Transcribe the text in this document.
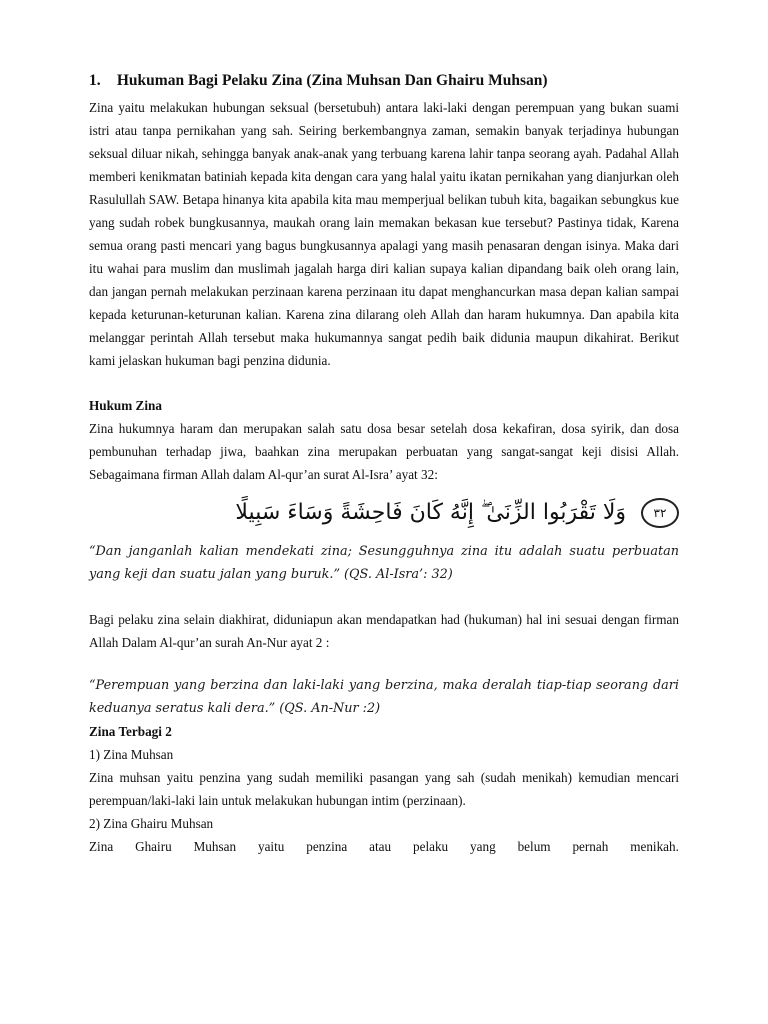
1. Hukuman Bagi Pelaku Zina (Zina Muhsan Dan Ghairu Muhsan)

Zina yaitu melakukan hubungan seksual (bersetubuh) antara laki-laki dengan perempuan yang bukan suami istri atau tanpa pernikahan yang sah. Seiring berkembangnya zaman, semakin banyak terjadinya hubungan seksual diluar nikah, sehingga banyak anak-anak yang terbuang karena lahir tanpa seorang ayah. Padahal Allah memberi kenikmatan batiniah kepada kita dengan cara yang halal yaitu ikatan pernikahan yang dianjurkan oleh Rasulullah SAW. Betapa hinanya kita apabila kita mau memperjual belikan tubuh kita, bagaikan sebungkus kue yang sudah robek bungkusannya, maukah orang lain memakan bekasan kue tersebut? Pastinya tidak, Karena semua orang pasti mencari yang bagus bungkusannya apalagi yang masih penasaran dengan isinya. Maka dari itu wahai para muslim dan muslimah jagalah harga diri kalian supaya kalian dipandang baik oleh orang lain, dan jangan pernah melakukan perzinaan karena perzinaan itu dapat menghancurkan masa depan kalian sampai kepada keturunan-keturunan kalian. Karena zina dilarang oleh Allah dan haram hukumnya. Dan apabila kita melanggar perintah Allah tersebut maka hukumannya sangat pedih baik didunia maupun dikahirat. Berikut kami jelaskan hukuman bagi penzina didunia.

Hukum Zina

Zina hukumnya haram dan merupakan salah satu dosa besar setelah dosa kekafiran, dosa syirik, dan dosa pembunuhan terhadap jiwa, baahkan zina merupakan perbuatan yang sangat-sangat keji disisi Allah. Sebagaimana firman Allah dalam Al-qur’an surat Al-Isra’ ayat 32:

٣٢ وَلَا تَقْرَبُوا الزِّنَىٰ ۖ إِنَّهُ كَانَ فَاحِشَةً وَسَاءَ سَبِيلًا

“Dan janganlah kalian mendekati zina; Sesungguhnya zina itu adalah suatu perbuatan yang keji dan suatu jalan yang buruk.” (QS. Al-Isra’: 32)

Bagi pelaku zina selain diakhirat, diduniapun akan mendapatkan had (hukuman) hal ini sesuai dengan firman Allah Dalam Al-qur’an surah An-Nur ayat 2 :

“Perempuan yang berzina dan laki-laki yang berzina, maka deralah tiap-tiap seorang dari keduanya seratus kali dera.” (QS. An-Nur :2)

Zina Terbagi 2

1) Zina Muhsan

Zina muhsan yaitu penzina yang sudah memiliki pasangan yang sah (sudah menikah) kemudian mencari perempuan/laki-laki lain untuk melakukan hubungan intim (perzinaan).

2) Zina Ghairu Muhsan

Zina Ghairu Muhsan yaitu penzina atau pelaku yang belum pernah menikah.
